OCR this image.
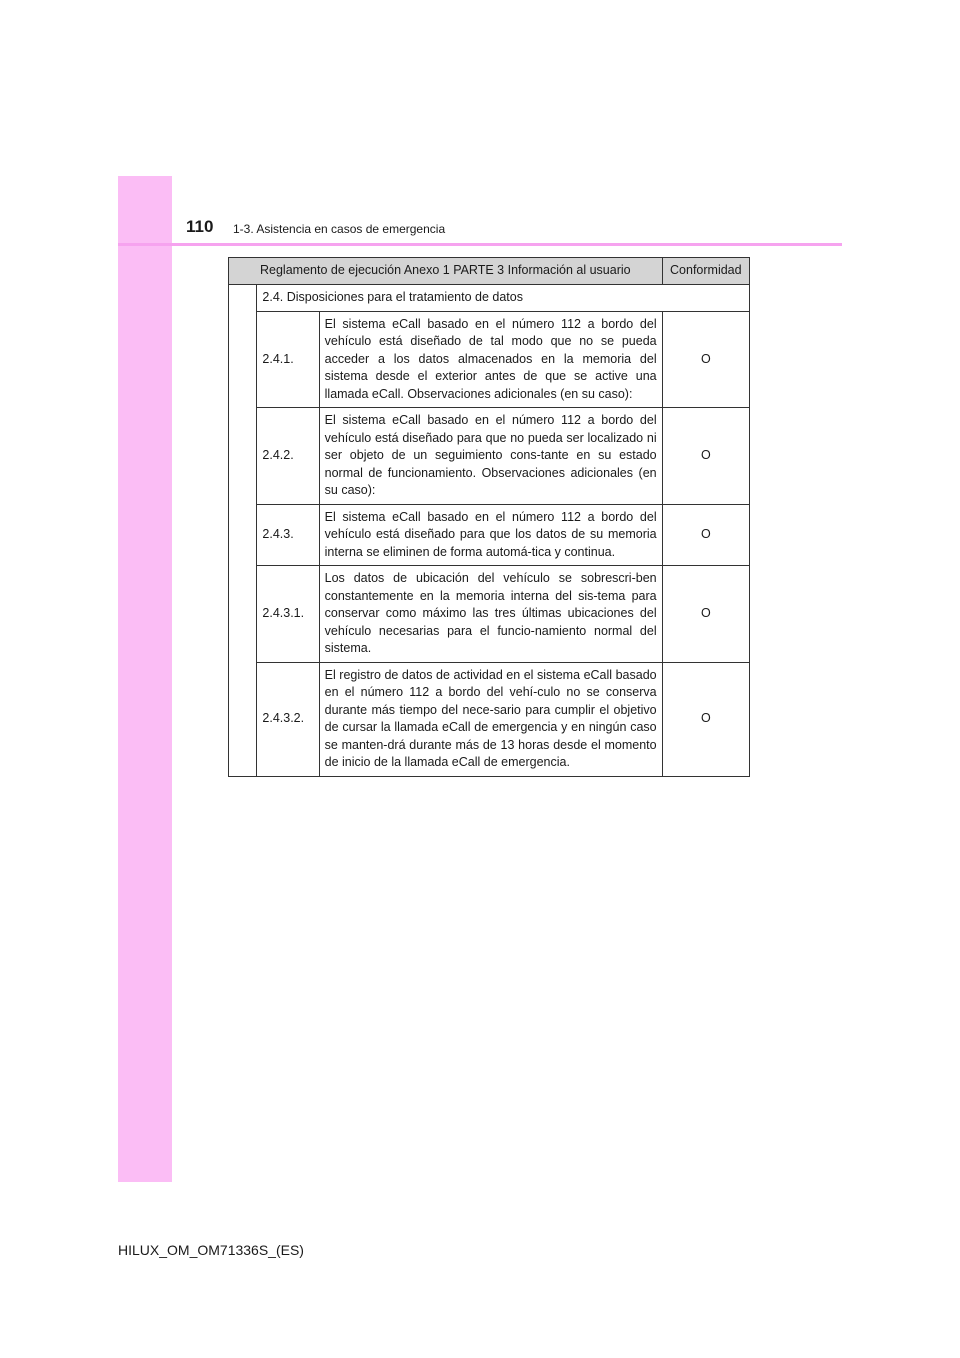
110 1-3. Asistencia en casos de emergencia
Reglamento de ejecución Anexo 1 PARTE 3 Información al usuario			Conformidad
	2.4. Disposiciones para el tratamiento de datos		
	2.4.1.	El sistema eCall basado en el número 112 a bordo del vehículo está diseñado de tal modo que no se pueda acceder a los datos almacenados en la memoria del sistema desde el exterior antes de que se active una llamada eCall. Observaciones adicionales (en su caso):	O
	2.4.2.	El sistema eCall basado en el número 112 a bordo del vehículo está diseñado para que no pueda ser localizado ni ser objeto de un seguimiento cons-tante en su estado normal de funcionamiento. Observaciones adicionales (en su caso):	O
	2.4.3.	El sistema eCall basado en el número 112 a bordo del vehículo está diseñado para que los datos de su memoria interna se eliminen de forma automá-tica y continua.	O
	2.4.3.1.	Los datos de ubicación del vehículo se sobrescri-ben constantemente en la memoria interna del sis-tema para conservar como máximo las tres últimas ubicaciones del vehículo necesarias para el funcio-namiento normal del sistema.	O
	2.4.3.2.	El registro de datos de actividad en el sistema eCall basado en el número 112 a bordo del vehí-culo no se conserva durante más tiempo del nece-sario para cumplir el objetivo de cursar la llamada eCall de emergencia y en ningún caso se manten-drá durante más de 13 horas desde el momento de inicio de la llamada eCall de emergencia.	O
HILUX_OM_OM71336S_(ES)
